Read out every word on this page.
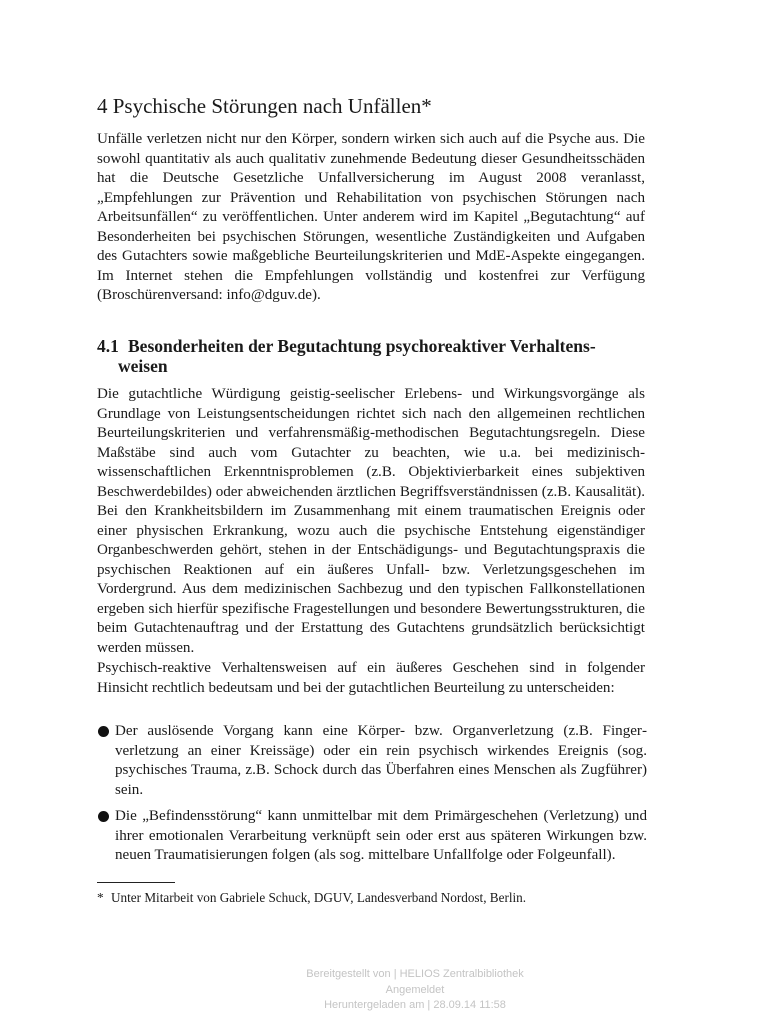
4 Psychische Störungen nach Unfällen*

Unfälle verletzen nicht nur den Körper, sondern wirken sich auch auf die Psyche aus. Die sowohl quantitativ als auch qualitativ zunehmende Bedeutung dieser Gesundheitsschäden hat die Deutsche Gesetzliche Unfallversicherung im August 2008 veranlasst, „Empfehlungen zur Prävention und Rehabilitation von psychischen Störungen nach Arbeitsunfällen“ zu veröffentlichen. Unter anderem wird im Kapitel „Begutachtung“ auf Besonderheiten bei psychischen Störungen, wesentliche Zuständigkeiten und Aufgaben des Gutachters sowie maßgebliche Beurteilungskriterien und MdE-Aspekte eingegangen. Im Internet stehen die Empfehlungen vollständig und kostenfrei zur Verfügung (Broschürenversand: info@dguv.de).

4.1 Besonderheiten der Begutachtung psychoreaktiver Verhaltens-
weisen

Die gutachtliche Würdigung geistig-seelischer Erlebens- und Wirkungsvorgänge als Grundlage von Leistungsentscheidungen richtet sich nach den allgemeinen rechtlichen Beurteilungskriterien und verfahrensmäßig-methodischen Begutachtungsregeln. Diese Maßstäbe sind auch vom Gutachter zu beachten, wie u.a. bei medizinisch-wissenschaftlichen Erkenntnisproblemen (z.B. Objektivierbarkeit eines subjektiven Beschwerdebildes) oder abweichenden ärztlichen Begriffsverständnissen (z.B. Kausalität). Bei den Krankheitsbildern im Zusammenhang mit einem traumatischen Ereignis oder einer physischen Erkrankung, wozu auch die psychische Entstehung eigenständiger Organbeschwerden gehört, stehen in der Entschädigungs- und Begutachtungspraxis die psychischen Reaktionen auf ein äußeres Unfall- bzw. Verletzungsgeschehen im Vordergrund. Aus dem medizinischen Sachbezug und den typischen Fallkonstellationen ergeben sich hierfür spezifische Fragestellungen und besondere Bewertungsstrukturen, die beim Gutachtenauftrag und der Erstattung des Gutachtens grundsätzlich berücksichtigt werden müssen.

Psychisch-reaktive Verhaltensweisen auf ein äußeres Geschehen sind in folgender Hinsicht rechtlich bedeutsam und bei der gutachtlichen Beurteilung zu unterscheiden:

Der auslösende Vorgang kann eine Körper- bzw. Organverletzung (z.B. Fingerverletzung an einer Kreissäge) oder ein rein psychisch wirkendes Ereignis (sog. psychisches Trauma, z.B. Schock durch das Überfahren eines Menschen als Zugführer) sein.
Die „Befindensstörung“ kann unmittelbar mit dem Primärgeschehen (Verletzung) und ihrer emotionalen Verarbeitung verknüpft sein oder erst aus späteren Wirkungen bzw. neuen Traumatisierungen folgen (als sog. mittelbare Unfallfolge oder Folgeunfall).

* Unter Mitarbeit von Gabriele Schuck, DGUV, Landesverband Nordost, Berlin.

Bereitgestellt von | HELIOS Zentralbibliothek
Angemeldet
Heruntergeladen am | 28.09.14 11:58
